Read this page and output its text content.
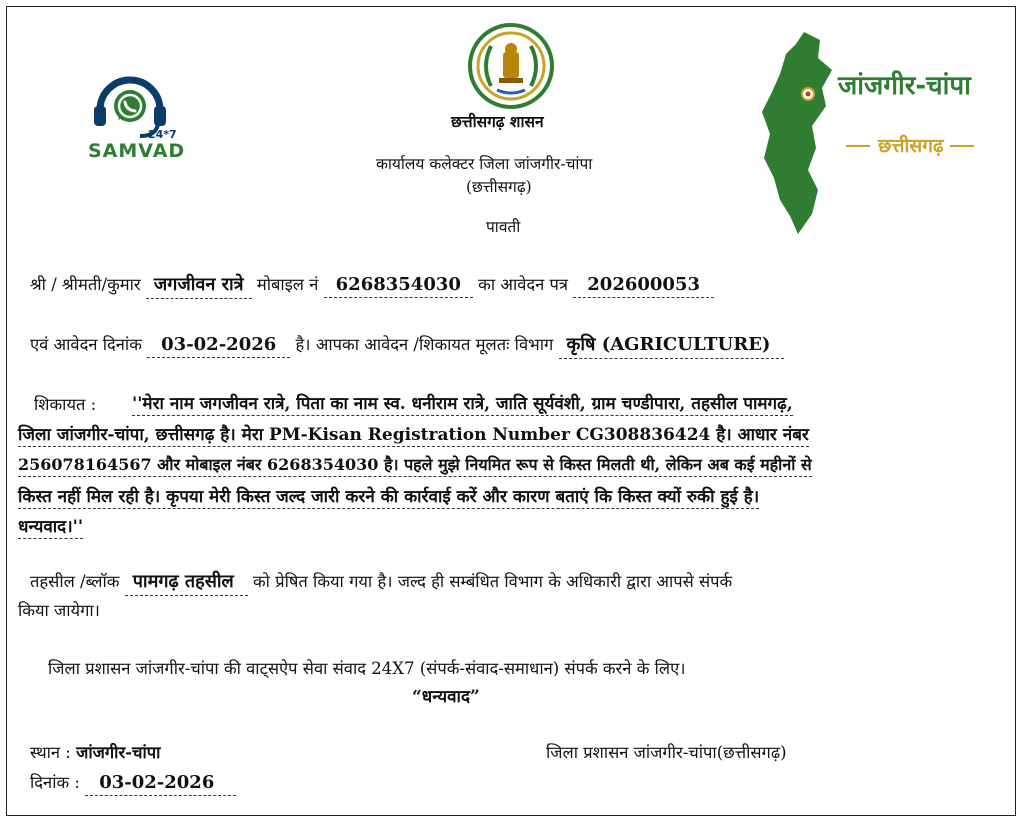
24*7
SAMVAD
छत्तीसगढ़ शासन
कार्यालय कलेक्टर जिला जांजगीर-चांपा
(छत्तीसगढ़)
पावती
जांजगीर-चांपा
छत्तीसगढ़
श्री / श्रीमती/कुमार जगजीवन रात्रे मोबाइल नं 6268354030 का आवेदन पत्र 202600053
एवं आवेदन दिनांक 03-02-2026 है। आपका आवेदन /शिकायत मूलतः विभाग कृषि (AGRICULTURE)
शिकायत : ''मेरा नाम जगजीवन रात्रे, पिता का नाम स्व. धनीराम रात्रे, जाति सूर्यवंशी, ग्राम चण्डीपारा, तहसील पामगढ़,
जिला जांजगीर-चांपा, छत्तीसगढ़ है। मेरा PM-Kisan Registration Number CG308836424 है। आधार नंबर
256078164567 और मोबाइल नंबर 6268354030 है। पहले मुझे नियमित रूप से किस्त मिलती थी, लेकिन अब कई महीनों से
किस्त नहीं मिल रही है। कृपया मेरी किस्त जल्द जारी करने की कार्रवाई करें और कारण बताएं कि किस्त क्यों रुकी हुई है।
धन्यवाद।''
तहसील /ब्लॉक पामगढ़ तहसील को प्रेषित किया गया है। जल्द ही सम्बंधित विभाग के अधिकारी द्वारा आपसे संपर्क
किया जायेगा।
जिला प्रशासन जांजगीर-चांपा की वाट्सऐप सेवा संवाद 24X7 (संपर्क-संवाद-समाधान) संपर्क करने के लिए।
“धन्यवाद”
स्थान : जांजगीर-चांपा
दिनांक : 03-02-2026
जिला प्रशासन जांजगीर-चांपा(छत्तीसगढ़)
